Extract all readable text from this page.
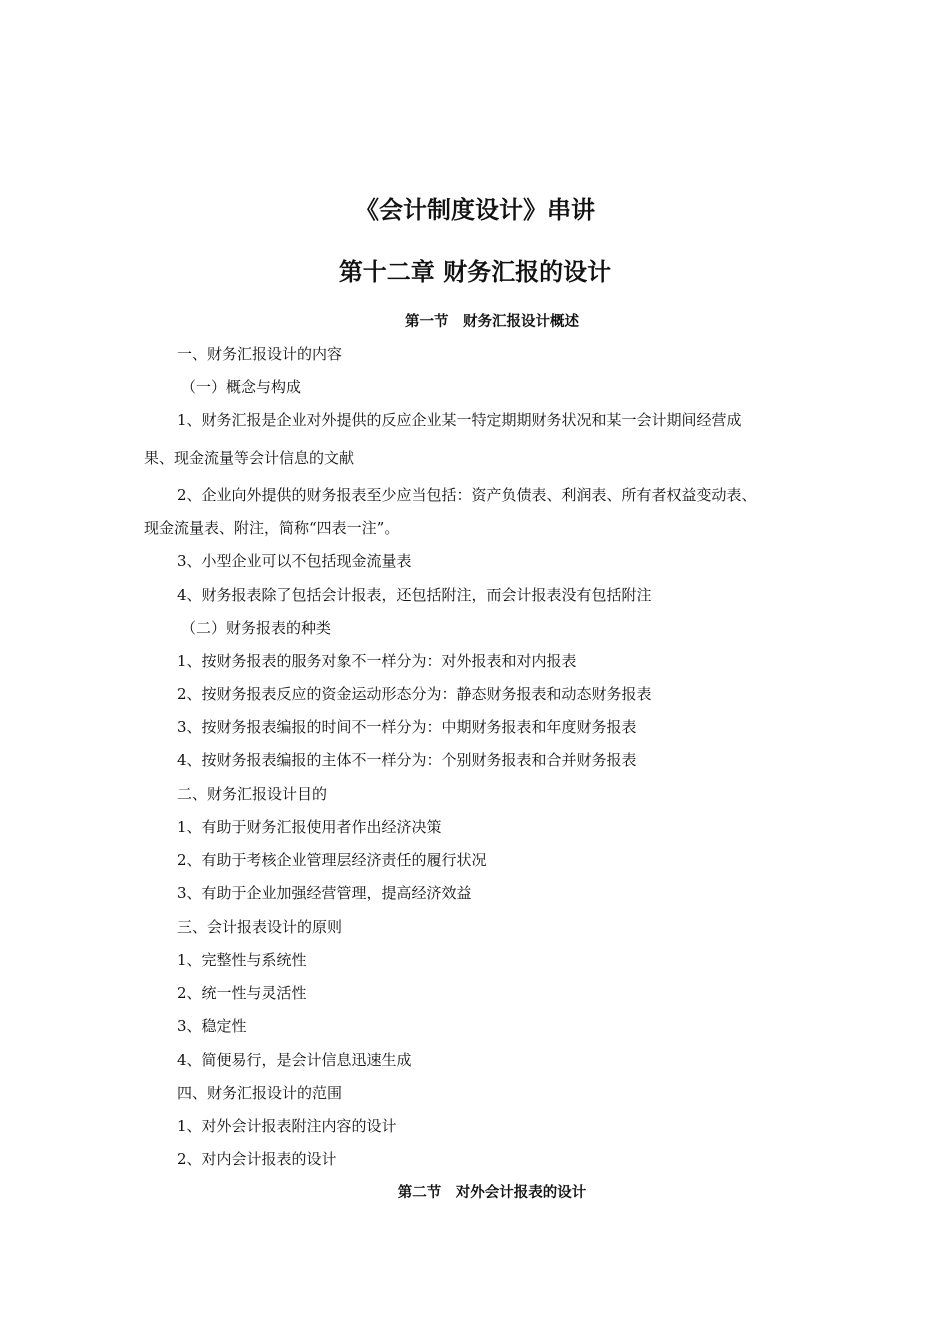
《会计制度设计》串讲
第十二章 财务汇报的设计
第一节　财务汇报设计概述

一、财务汇报设计的内容

（一）概念与构成

1、财务汇报是企业对外提供的反应企业某一特定期期财务状况和某一会计期间经营成

果、现金流量等会计信息的文献

2、企业向外提供的财务报表至少应当包括：资产负债表、利润表、所有者权益变动表、

现金流量表、附注，简称“四表一注”。

3、小型企业可以不包括现金流量表

4、财务报表除了包括会计报表，还包括附注，而会计报表没有包括附注

（二）财务报表的种类

1、按财务报表的服务对象不一样分为：对外报表和对内报表

2、按财务报表反应的资金运动形态分为：静态财务报表和动态财务报表

3、按财务报表编报的时间不一样分为：中期财务报表和年度财务报表

4、按财务报表编报的主体不一样分为：个别财务报表和合并财务报表

二、财务汇报设计目的

1、有助于财务汇报使用者作出经济决策

2、有助于考核企业管理层经济责任的履行状况

3、有助于企业加强经营管理，提高经济效益

三、会计报表设计的原则

1、完整性与系统性

2、统一性与灵活性

3、稳定性

4、简便易行，是会计信息迅速生成

四、财务汇报设计的范围

1、对外会计报表附注内容的设计

2、对内会计报表的设计

第二节　对外会计报表的设计
